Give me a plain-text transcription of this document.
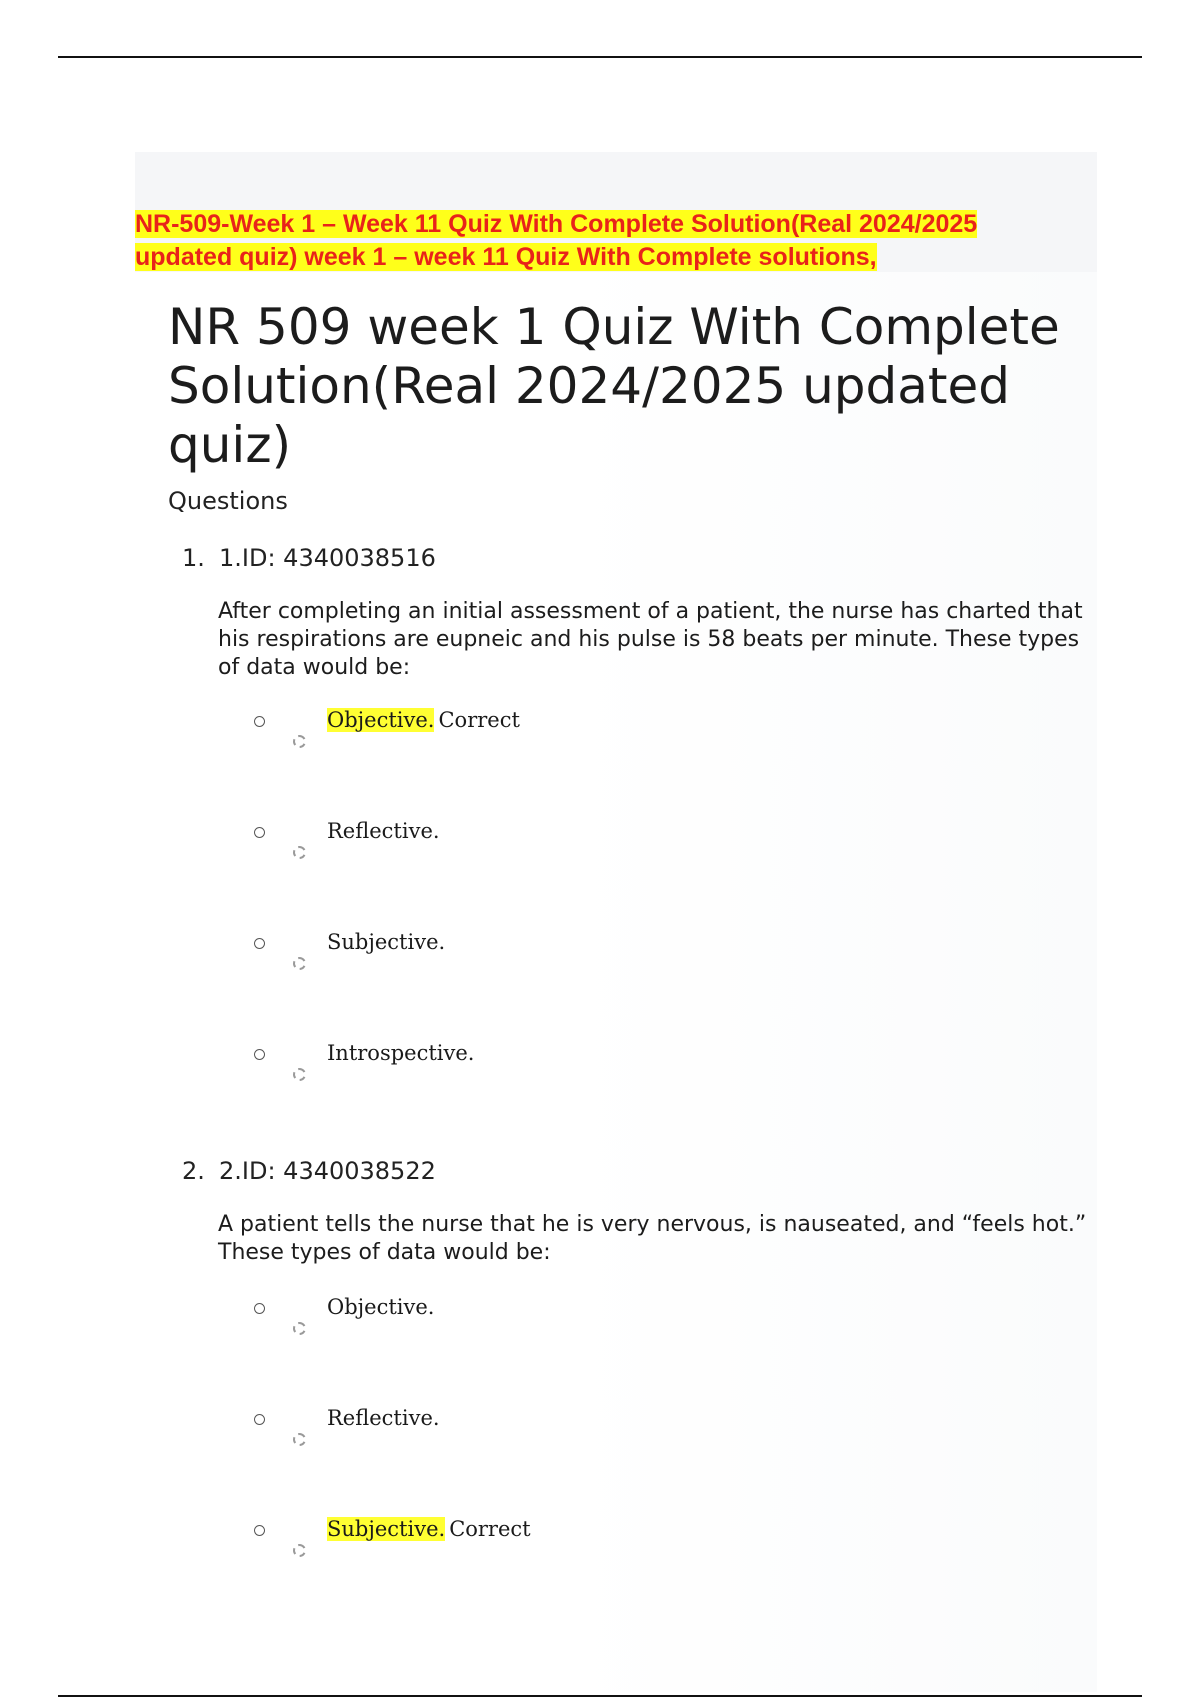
NR-509-Week 1 – Week 11 Quiz With Complete Solution(Real 2024/2025 updated quiz) week 1 – week 11 Quiz With Complete solutions,

NR 509 week 1 Quiz With Complete Solution(Real 2024/2025 updated quiz)

Questions

1. 1.ID: 4340038516

After completing an initial assessment of a patient, the nurse has charted that his respirations are eupneic and his pulse is 58 beats per minute. These types of data would be:

Objective. Correct
Reflective.
Subjective.
Introspective.
2. 2.ID: 4340038522

A patient tells the nurse that he is very nervous, is nauseated, and “feels hot.” These types of data would be:

Objective.
Reflective.
Subjective. Correct
